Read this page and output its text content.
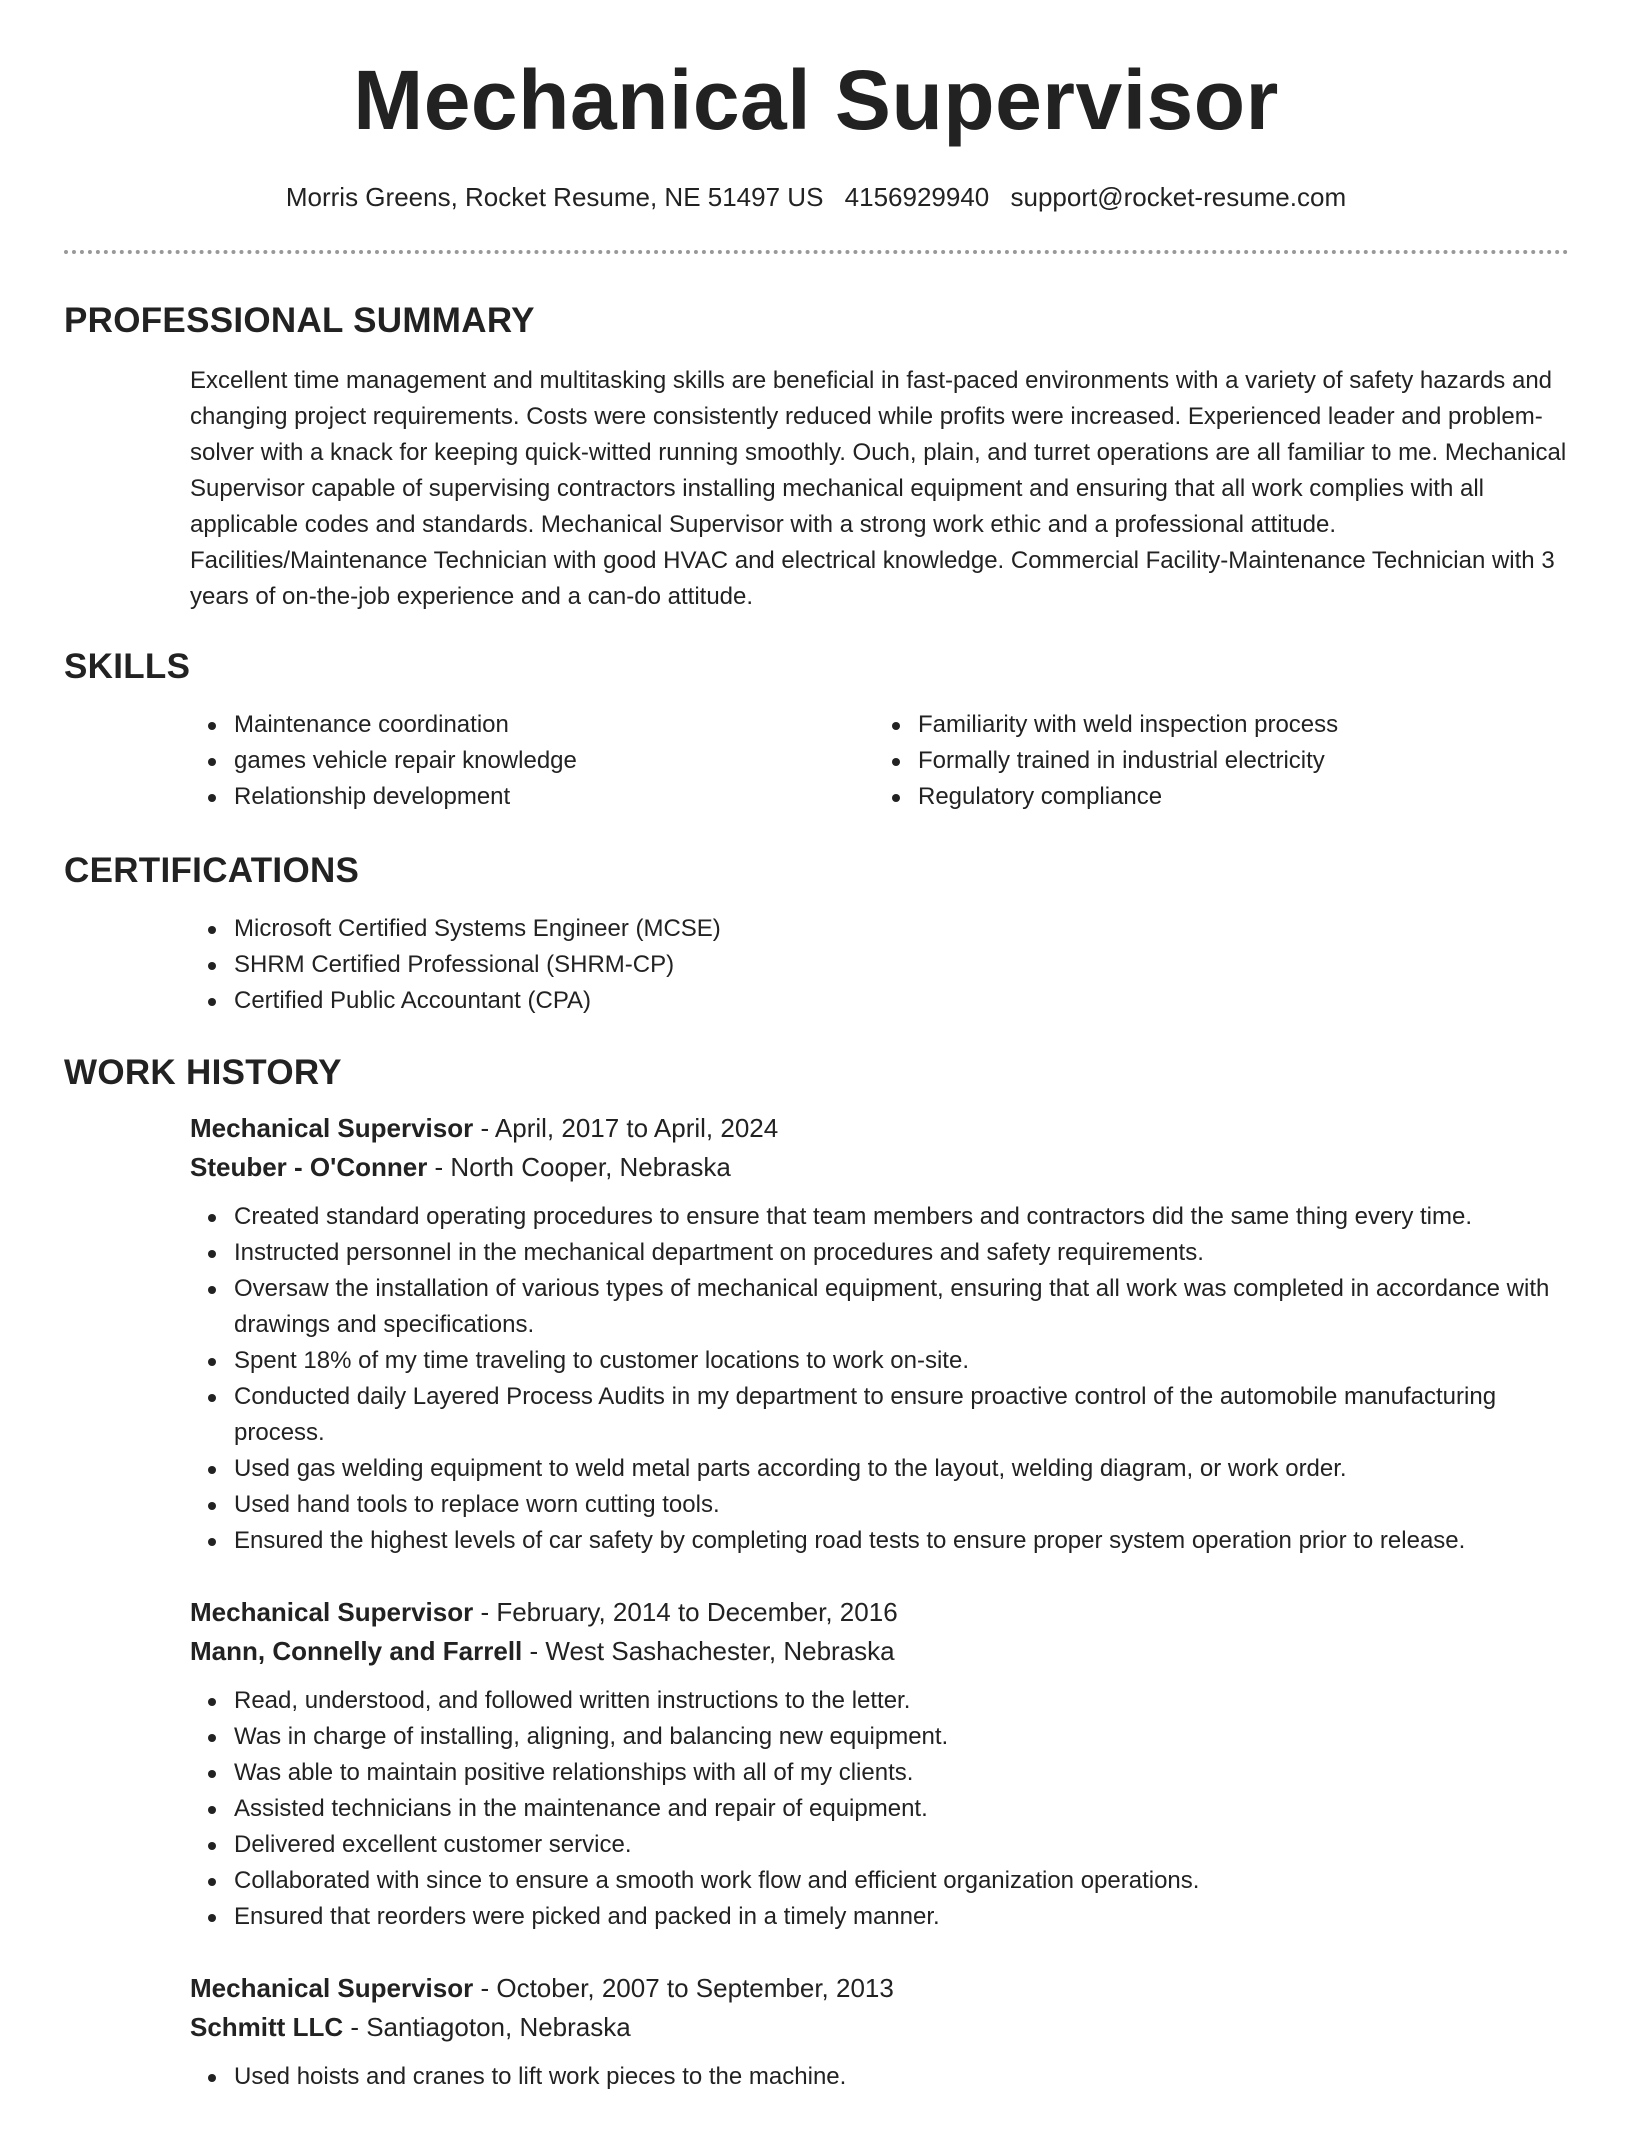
Mechanical Supervisor
Morris Greens, Rocket Resume, NE 51497 US 4156929940 support@rocket-resume.com
PROFESSIONAL SUMMARY

Excellent time management and multitasking skills are beneficial in fast-paced environments with a variety of safety hazards and changing project requirements. Costs were consistently reduced while profits were increased. Experienced leader and problem-solver with a knack for keeping quick-witted running smoothly. Ouch, plain, and turret operations are all familiar to me. Mechanical Supervisor capable of supervising contractors installing mechanical equipment and ensuring that all work complies with all applicable codes and standards. Mechanical Supervisor with a strong work ethic and a professional attitude. Facilities/Maintenance Technician with good HVAC and electrical knowledge. Commercial Facility-Maintenance Technician with 3 years of on-the-job experience and a can-do attitude.

SKILLS
Maintenance coordination
games vehicle repair knowledge
Relationship development
Familiarity with weld inspection process
Formally trained in industrial electricity
Regulatory compliance
CERTIFICATIONS
Microsoft Certified Systems Engineer (MCSE)
SHRM Certified Professional (SHRM-CP)
Certified Public Accountant (CPA)
WORK HISTORY
Mechanical Supervisor - April, 2017 to April, 2024
Steuber - O'Conner - North Cooper, Nebraska
Created standard operating procedures to ensure that team members and contractors did the same thing every time.
Instructed personnel in the mechanical department on procedures and safety requirements.
Oversaw the installation of various types of mechanical equipment, ensuring that all work was completed in accordance with drawings and specifications.
Spent 18% of my time traveling to customer locations to work on-site.
Conducted daily Layered Process Audits in my department to ensure proactive control of the automobile manufacturing process.
Used gas welding equipment to weld metal parts according to the layout, welding diagram, or work order.
Used hand tools to replace worn cutting tools.
Ensured the highest levels of car safety by completing road tests to ensure proper system operation prior to release.
Mechanical Supervisor - February, 2014 to December, 2016
Mann, Connelly and Farrell - West Sashachester, Nebraska
Read, understood, and followed written instructions to the letter.
Was in charge of installing, aligning, and balancing new equipment.
Was able to maintain positive relationships with all of my clients.
Assisted technicians in the maintenance and repair of equipment.
Delivered excellent customer service.
Collaborated with since to ensure a smooth work flow and efficient organization operations.
Ensured that reorders were picked and packed in a timely manner.
Mechanical Supervisor - October, 2007 to September, 2013
Schmitt LLC - Santiagoton, Nebraska
Used hoists and cranes to lift work pieces to the machine.
